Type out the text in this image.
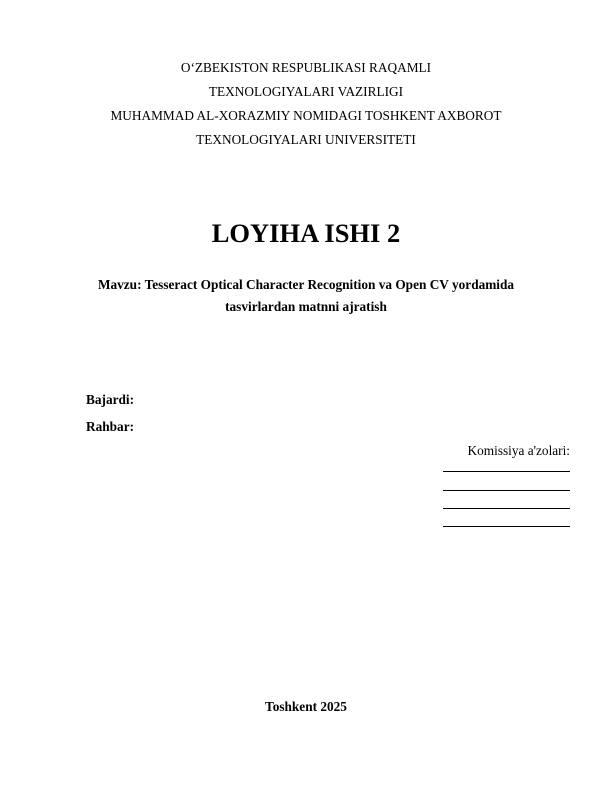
O‘ZBEKISTON RESPUBLIKASI RAQAMLI
TEXNOLOGIYALARI VAZIRLIGI
MUHAMMAD AL-XORAZMIY NOMIDAGI TOSHKENT AXBOROT
TEXNOLOGIYALARI UNIVERSITETI
LOYIHA ISHI 2
Mavzu: Tesseract Optical Character Recognition va Open CV yordamida
tasvirlardan matnni ajratish
Bajardi:
Rahbar:
Komissiya a'zolari:
Toshkent 2025
